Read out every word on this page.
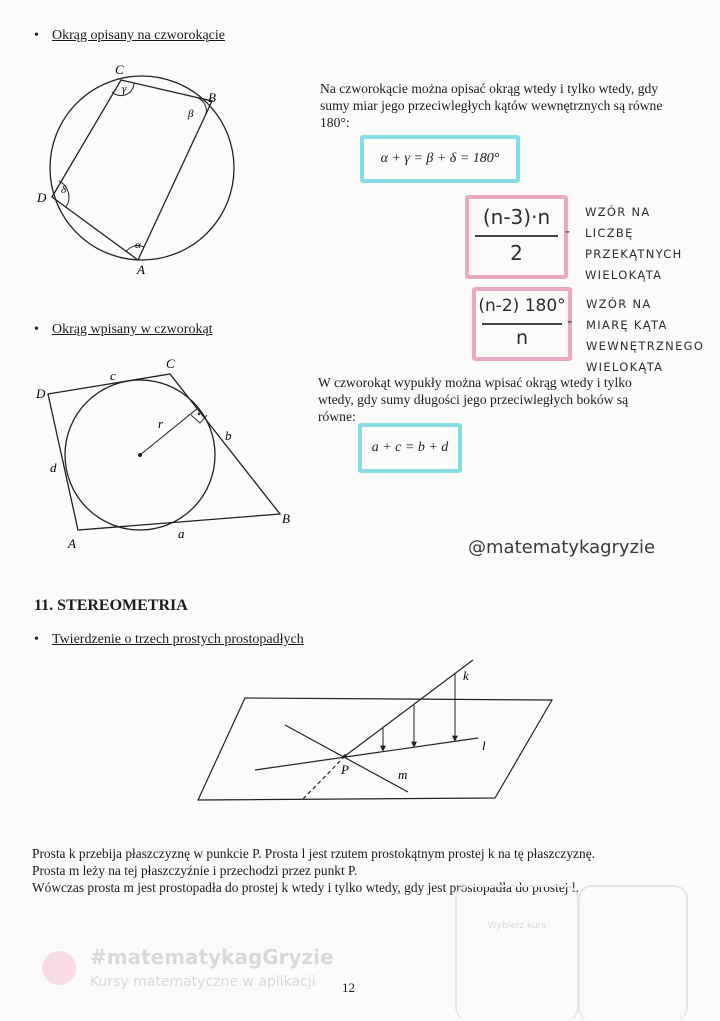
• Okrąg opisany na czworokącie
C
B
A
D
γ
β
α
δ
Na czworokącie można opisać okrąg wtedy i tylko wtedy, gdy sumy miar jego przeciwległych kątów wewnętrznych są równe 180°:
α + γ = β + δ = 180°
(n-3)·n
2
-
WZÓR NA
LICZBĘ
PRZEKĄTNYCH
WIELOKĄTA
(n-2) 180°
n
-
WZÓR NA
MIARĘ KĄTA
WEWNĘTRZNEGO
WIELOKĄTA
• Okrąg wpisany w czworokąt
D
C
B
A
c
b
a
d
r
W czworokąt wypukły można wpisać okrąg wtedy i tylko wtedy, gdy sumy długości jego przeciwległych boków są równe:
a + c = b + d
@matematykagryzie
11. STEREOMETRIA
• Twierdzenie o trzech prostych prostopadłych
k
l
m
P
Prosta k przebija płaszczyznę w punkcie P. Prosta l jest rzutem prostokątnym prostej k na tę płaszczyznę.
Prosta m leży na tej płaszczyźnie i przechodzi przez punkt P.
Wówczas prosta m jest prostopadła do prostej k wtedy i tylko wtedy, gdy jest prostopadła do prostej l.
Wybierz kurs
#matematykagGryzie
Kursy matematyczne w aplikacji 12
